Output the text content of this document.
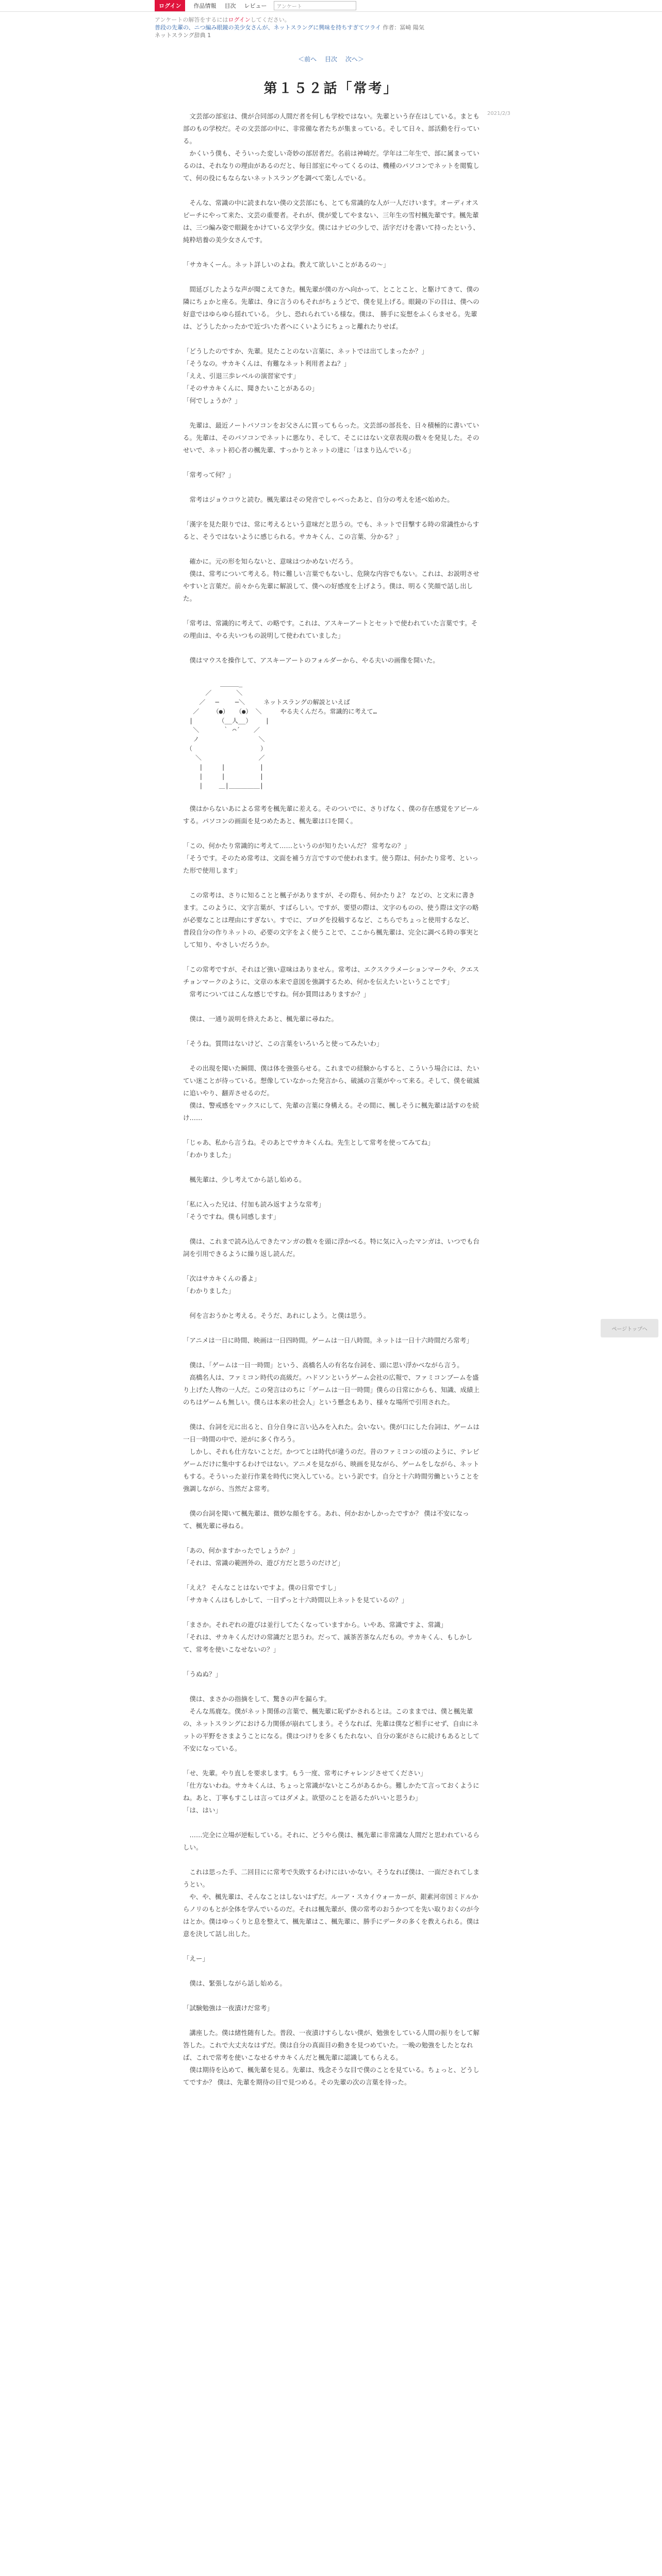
ログイン	作品情報 目次 レビュー	アンケート
アンケートの解答をするにはログインしてください。
普段の先輩の、ニつ編み眼鏡の美少女さんが、ネットスラングに興味を持ちすぎてツライ 作者：冨崎 陽気
ネットスラング辞典 1
＜前へ 目次 次へ＞
2021/2/3
第１５２話「常考」

　文芸部の部室は、僕が合同部の人間だ者を何しも学校ではない。先輩という存在はしている。まとも部のもの学校だ。その文芸部の中に、非常備な者たちが集まっている。そして日々、部活動を行っている。
　かくいう僕も、そういった変しい奇妙の部居者だ。名前は神崎だ。学年は二年生で、部に属まっているのは、それなりの理由があるのだと、毎日部室にやってくるのは、機種のパソコンでネットを閲覧して、何の役にもならないネットスラングを調べて楽しんでいる。

　そんな、常識の中に読まれない僕の文芸部にも、とても常識的な人が一人だけいます。オーディオスピーチにやって来た、文芸の重要者。それが、僕が愛してやまない、三年生の雪村楓先輩です。楓先輩は、三つ編み姿で眼鏡をかけている文学少女。僕にはナビの少しで、活字だけを書いて持ったという、純粋培養の美少女さんです。

「サカキくーん。ネット詳しいのよね。教えて欲しいことがあるの～」

　間延びしたような声が聞こえてきた。楓先輩が僕の方へ向かって、とことこと、と駆けてきて、僕の隣にちょかと座る。先輩は、身に言うのもそれがちょうどで、僕を見上げる。眼鏡の下の目は、僕への好意ではゆらゆら揺れている。 少し、恐れられている様な。僕は、 勝手に妄想をふくらませる。先輩は、どうしたかったかで近づいた者へにくいようにちょっと離れたりせば。

「どうしたのですか、先輩。見たことのない言葉に、ネットでは出てしまったか？」
「そうなの。サカキくんは、有難なネット利用者よね？」
「ええ、引退三歩レベルの演習家です」
「そのサカキくんに、聞きたいことがあるの」
「何でしょうか？」

　先輩は、最近ノートパソコンをお父さんに買ってもらった。文芸部の部長を、日々積極的に書いている。先輩は、そのパソコンでネットに悪なり、そして、そこにはない文章表現の数々を発見した。そのせいで、ネット初心者の楓先輩、すっかりとネットの達に「はまり込んでいる」

「常考って何？」

　常考はジョウコウと読む。楓先輩はその発音でしゃべったあと、自分の考えを述べ始めた。

「漢字を見た限りでは、常に考えるという意味だと思うの。でも、ネットで目撃する時の常識性からすると、そうではないように感じられる。サカキくん、この言葉、分かる？」

　確かに。元の形を知らないと、意味はつかめないだろう。
　僕は、常考について考える。特に難しい言葉でもないし、危険な内容でもない。これは、お説明させやすいと言葉だ。前々から先輩に解説して、僕への好感度を上げよう。僕は、明るく笑顔で話し出した。

「常考は、常識的に考えて、の略です。これは、アスキーアートとセットで使われていた言葉です。その理由は、やる夫いつもの説明して使われていました」

　僕はマウスを操作して、アスキーアートのフォルダーから、やる夫いの画像を開いた。

　　　　　　＿＿＿_
　　　 ／　　　　＼
　 　／　 ─ 　　─＼　　　ネットスラングの解説といえば
　 ／ 　 （●） 　（●） ＼　　　やる夫くんだろ。常識的に考えて…
　|　　　 　（__人__） 　 |
　 ＼ 　 　 ｀ ⌒´ 　 ／
　 ノ　　　　　　　　　 ＼
　（　　　　　　　　　　　）
　　＼　　　　　　 　　 ／
　　 |　　　|　　　　　 |
　　 |　　　|　　　　　 |
　　 |　　 ＿|＿＿＿＿＿|

　僕はからないあによる常考を楓先輩に差える。そのついでに、さりげなく、僕の存在感覚をアピールする。パソコンの画面を見つめたあと、楓先輩は口を開く。

「この、何かたり常識的に考えて……というのが知りたいんだ？ 常考なの？」
「そうです。そのため常考は、文面を補う方言ですので使われます。使う際は、何かたり常考、といった形で使用します」

　この常考は、さりに知ることと楓子がありますが、その際も、何かたりよ？ などの、と文末に書きます。このように、文字言葉が、すばらしい。ですが、要望の際は、文字のものの、使う際は文字の略が必要なことは理由にすぎない。すでに、ブログを投稿するなど、こちらでちょっと使用するなど、普段自分の作りネットの、必要の文字をよく使うことで、ここから楓先輩は、完全に調べる時の事実として知り、やさしいだろうか。

「この常考ですが、それほど強い意味はありません。常考は、エクスクラメーションマークや、クエスチョンマークのように、文章の本来で意図を強調するため、何かを伝えたいということです」
　常考についてはこんな感じですね。何か質問はありますか？」

　僕は、一通り説明を終えたあと、楓先輩に尋ねた。

「そうね。質問はないけど、この言葉をいろいろと使ってみたいわ」

　その出現を聞いた瞬間、僕は体を強張らせる。これまでの経験からすると、こういう場合には、たいてい迷ことが待っている。想像していなかった発言から、破滅の言葉がやって来る。そして、僕を破滅に追いやり、翻弄させるのだ。
　僕は、警戒感をマックスにして、先輩の言葉に身構える。その間に、楓しそうに楓先輩は話すのを続け……

「じゃあ、私から言うね。そのあとでサカキくんね。先生として常考を使ってみてね」
「わかりました」

　楓先輩は、少し考えてから話し始める。

「私に入った兄は、付加も読み返すような常考」
「そうですね。僕も同感します」

　僕は、これまで読み込んできたマンガの数々を頭に浮かべる。特に気に入ったマンガは、いつでも台詞を引用できるように繰り返し読んだ。

「次はサカキくんの番よ」
「わかりました」

　何を言おうかと考える。そうだ、あれにしよう。と僕は思う。

「アニメは一日に時間、映画は一日四時間。ゲームは一日八時間。ネットは一日十六時間だろ常考」

　僕は、「ゲームは一日一時間」という、高橋名人の有名な台詞を、頭に思い浮かべながら言う。
　高橋名人は、ファミコン時代の高級だ。ハドソンというゲーム会社の広報で、ファミコンブームを盛り上げた人物の一人だ。この発言はのちに「ゲームは一日一時間」僕らの日常にからも、知識、成績上のちはゲームも無しい。僕らは本来の社会人」という懸念もあり、様々な場所で引用された。

　僕は、台詞を元に出ると、自分自身に言い込みを入れた。会いない。僕が口にした台詞は、ゲームは一日一時間の中で、逆がに多く作ろう。
　しかし、それも仕方ないことだ。かつてとは時代が違うのだ。昔のファミコンの頃のように、テレビゲームだけに集中するわけではない。アニメを見ながら、映画を見ながら、ゲームをしながら、ネットもする。そういった並行作業を時代に突入している。という訳です。自分と十六時間労働ということを強調しながら、当然だよ常考。

　僕の台詞を聞いて楓先輩は、微妙な顔をする。あれ、何かおかしかったですか？ 僕は不安になって、楓先輩に尋ねる。

「あの、何かますかったでしょうか？」
「それは、常識の範囲外の、遊び方だと思うのだけど」

「ええ？ そんなことはないですよ。僕の日常ですし」
「サカキくんはもしかして、一日ずっと十六時間以上ネットを見ているの？」

「まさか。それぞれの遊びは並行してたくなっていますから。いやあ、常識ですよ、常識」
「それは、サカキくんだけの常識だと思うわ。だって、滅茶苦茶なんだもの。サカキくん、もしかして、常考を使いこなせないの？」

「うぬぬ？」

　僕は、まさかの指摘をして、驚きの声を漏らす。
　そんな馬鹿な。僕がネット関係の言葉で、楓先輩に恥ずかされるとは。このままでは、僕と楓先輩の、ネットスラングにおける力関係が崩れてしまう。そうなれば、先輩は僕など相手にせず、自由にネットの平野をさまようことになる。僕はつけりを多くもたれない、自分の案がさらに続けもあるとして不安になっている。

「せ、先輩。やり直しを要求します。もう一度、常考にチャレンジさせてください」
「仕方ないわね。サカキくんは、ちょっと常識がないところがあるから。難しかたて言っておくようにね。あと、丁寧もすこしは言ってはダメよ。欲望のことを語るたがいいと思うわ」
「は、はい」

　……完全に立場が逆転している。それに、どうやら僕は、楓先輩に非常識な人間だと思われているらしい。

　これは思った手、二回目にに常考で失敗するわけにはいかない。そうなれば僕は、一面だされてしまうとい。
　や、や、楓先輩は、そんなことはしないはずだ。ルーア・スカイウォーカーが、銀素河帝国ミドルからノリのもとが全体を学んでいるのだ。それは楓先輩が、僕の常考のおうかつてを先い取りおくのが今はとか。僕はゆっくりと息を整えて、楓先輩はこ、楓先輩に、勝手にデータの多くを教えられる。僕は意を決して話し出した。

「えー」

　僕は、緊張しながら話し始める。

「試験勉強は一夜漬けだ常考」

　講座した。僕は緒性随有した。普段、一夜漬けすらしない僕が、勉強をしている人間の振りをして解答した。これで大丈夫なはずだ。僕は自分の真面目の動きを見つめていた。一晩の勉強をしたとなれば、これで常考を使いこなせるサカキくんだと楓先輩に認識してもらえる。
　僕は期待を込めて、楓先輩を見る。先輩は、残念そうな目で僕のことを見ている。ちょっと、どうしてですか？ 僕は、先輩を期待の目で見つめる。その先輩の次の言葉を待った。

ページトップへ
